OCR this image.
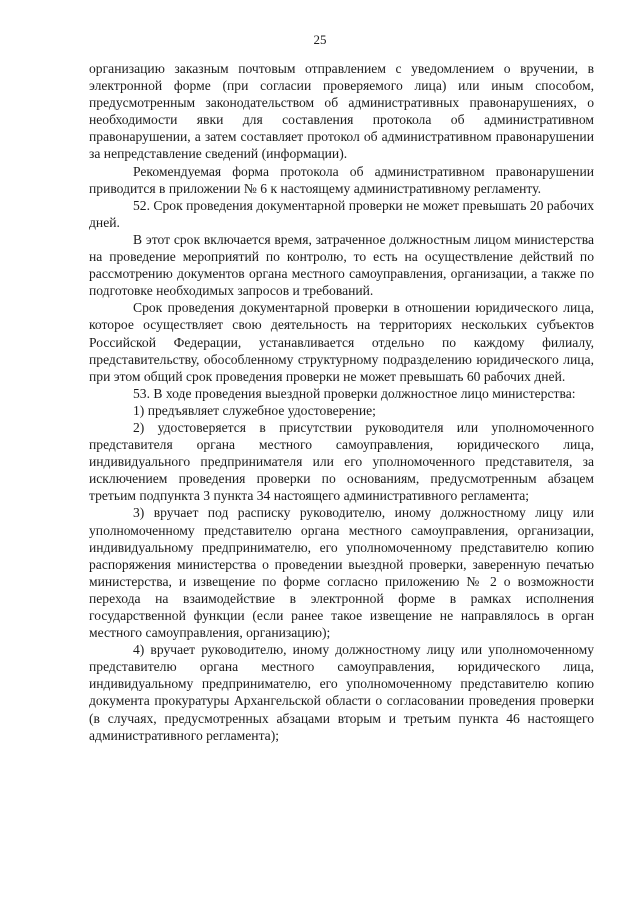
25

организацию заказным почтовым отправлением с уведомлением о вручении, в электронной форме (при согласии проверяемого лица) или иным способом, предусмотренным законодательством об административных правонарушениях, о необходимости явки для составления протокола об административном правонарушении, а затем составляет протокол об административном правонарушении за непредставление сведений (информации).

Рекомендуемая форма протокола об административном правонарушении приводится в приложении № 6 к настоящему административному регламенту.

52. Срок проведения документарной проверки не может превышать 20 рабочих дней.

В этот срок включается время, затраченное должностным лицом министерства на проведение мероприятий по контролю, то есть на осуществление действий по рассмотрению документов органа местного самоуправления, организации, а также по подготовке необходимых запросов и требований.

Срок проведения документарной проверки в отношении юридического лица, которое осуществляет свою деятельность на территориях нескольких субъектов Российской Федерации, устанавливается отдельно по каждому филиалу, представительству, обособленному структурному подразделению юридического лица, при этом общий срок проведения проверки не может превышать 60 рабочих дней.

53. В ходе проведения выездной проверки должностное лицо министерства:

1) предъявляет служебное удостоверение;

2) удостоверяется в присутствии руководителя или уполномоченного представителя органа местного самоуправления, юридического лица, индивидуального предпринимателя или его уполномоченного представителя, за исключением проведения проверки по основаниям, предусмотренным абзацем третьим подпункта 3 пункта 34 настоящего административного регламента;

3) вручает под расписку руководителю, иному должностному лицу или уполномоченному представителю органа местного самоуправления, организации, индивидуальному предпринимателю, его уполномоченному представителю копию распоряжения министерства о проведении выездной проверки, заверенную печатью министерства, и извещение по форме согласно приложению № 2 о возможности перехода на взаимодействие в электронной форме в рамках исполнения государственной функции (если ранее такое извещение не направлялось в орган местного самоуправления, организацию);

4) вручает руководителю, иному должностному лицу или уполномоченному представителю органа местного самоуправления, юридического лица, индивидуальному предпринимателю, его уполномоченному представителю копию документа прокуратуры Архангельской области о согласовании проведения проверки (в случаях, предусмотренных абзацами вторым и третьим пункта 46 настоящего административного регламента);
